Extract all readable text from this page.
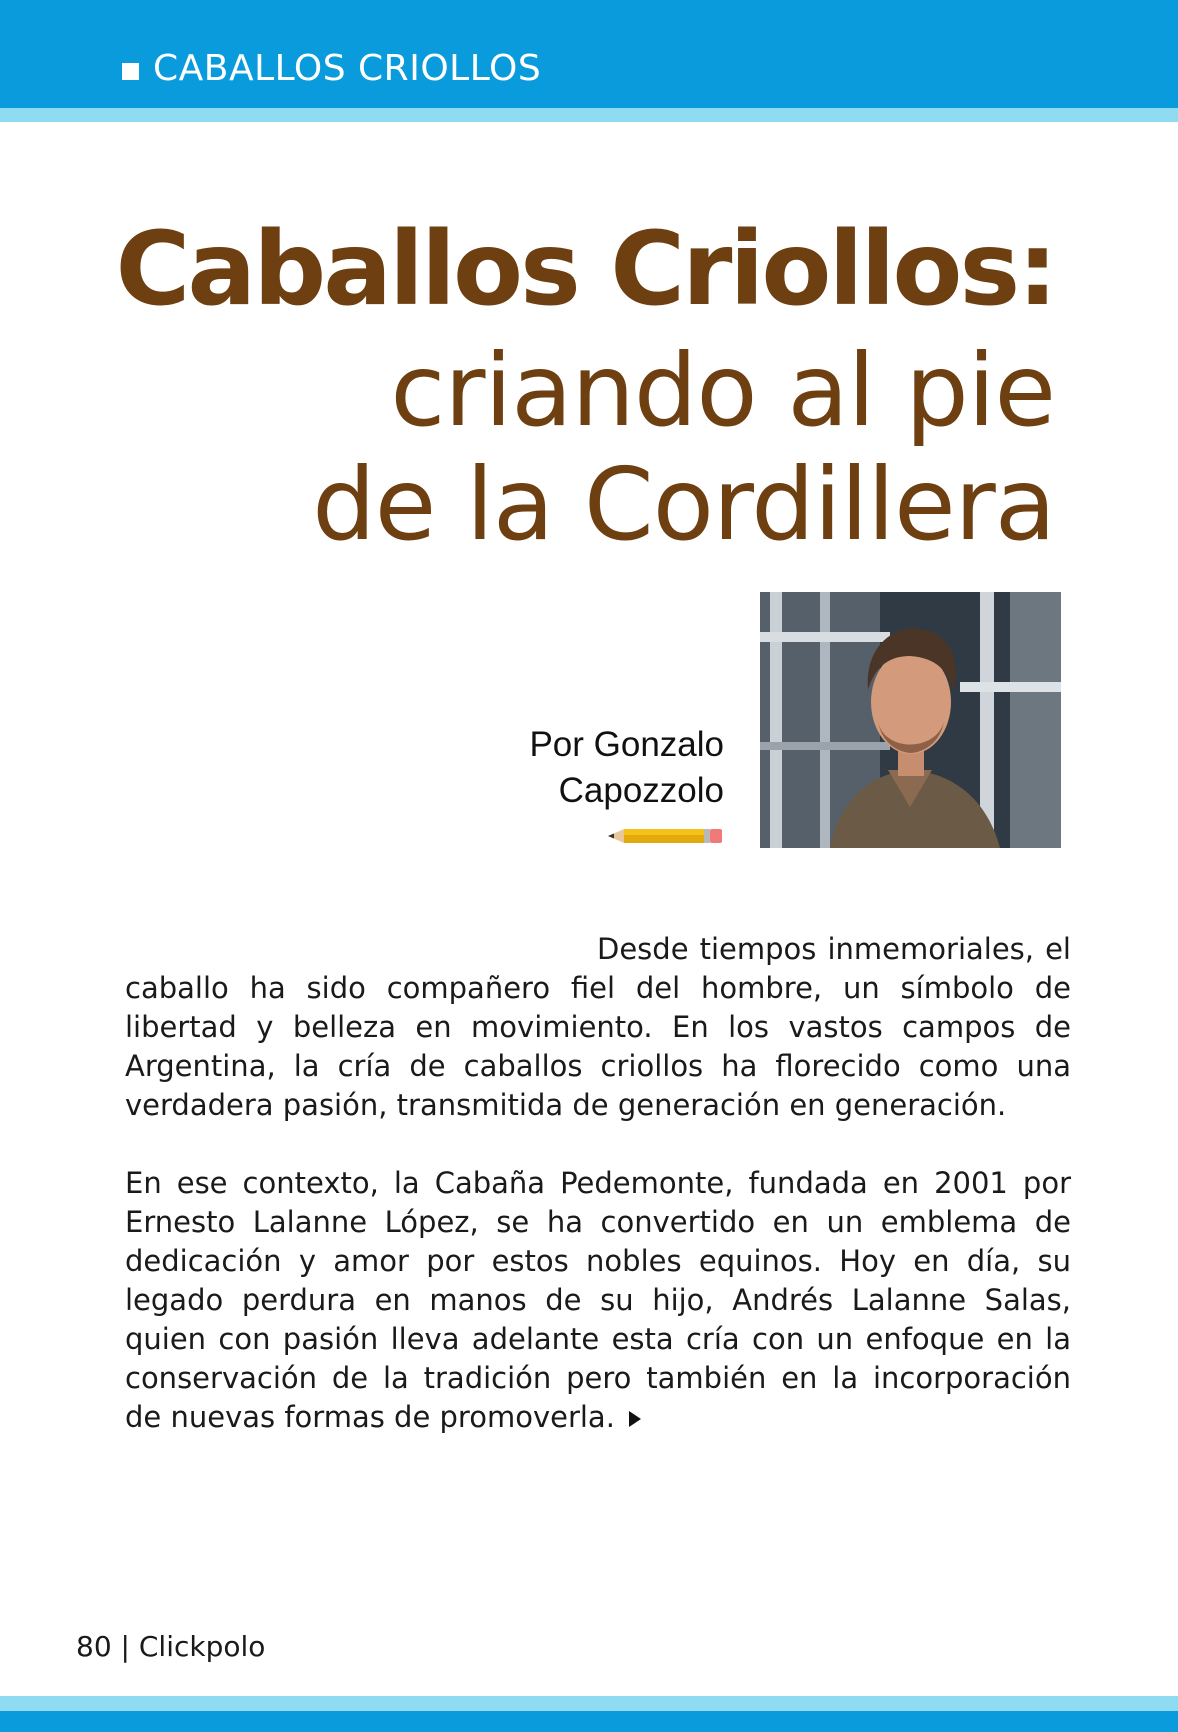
CABALLOS CRIOLLOS
Caballos Criollos:
criando al pie
de la Cordillera
Por Gonzalo
Capozzolo

Desde tiempos inmemoriales, el caballo ha sido compañero fiel del hombre, un símbolo de libertad y belleza en movimiento. En los vastos campos de Argentina, la cría de caballos criollos ha florecido como una verdadera pasión, transmitida de generación en generación.

En ese contexto, la Cabaña Pedemonte, fundada en 2001 por Ernesto Lalanne López, se ha convertido en un emblema de dedicación y amor por estos nobles equinos. Hoy en día, su legado perdura en manos de su hijo, Andrés Lalanne Salas, quien con pasión lleva adelante esta cría con un enfoque en la conservación de la tradición pero también en la incorporación de nuevas formas de promoverla.

80 | Clickpolo
